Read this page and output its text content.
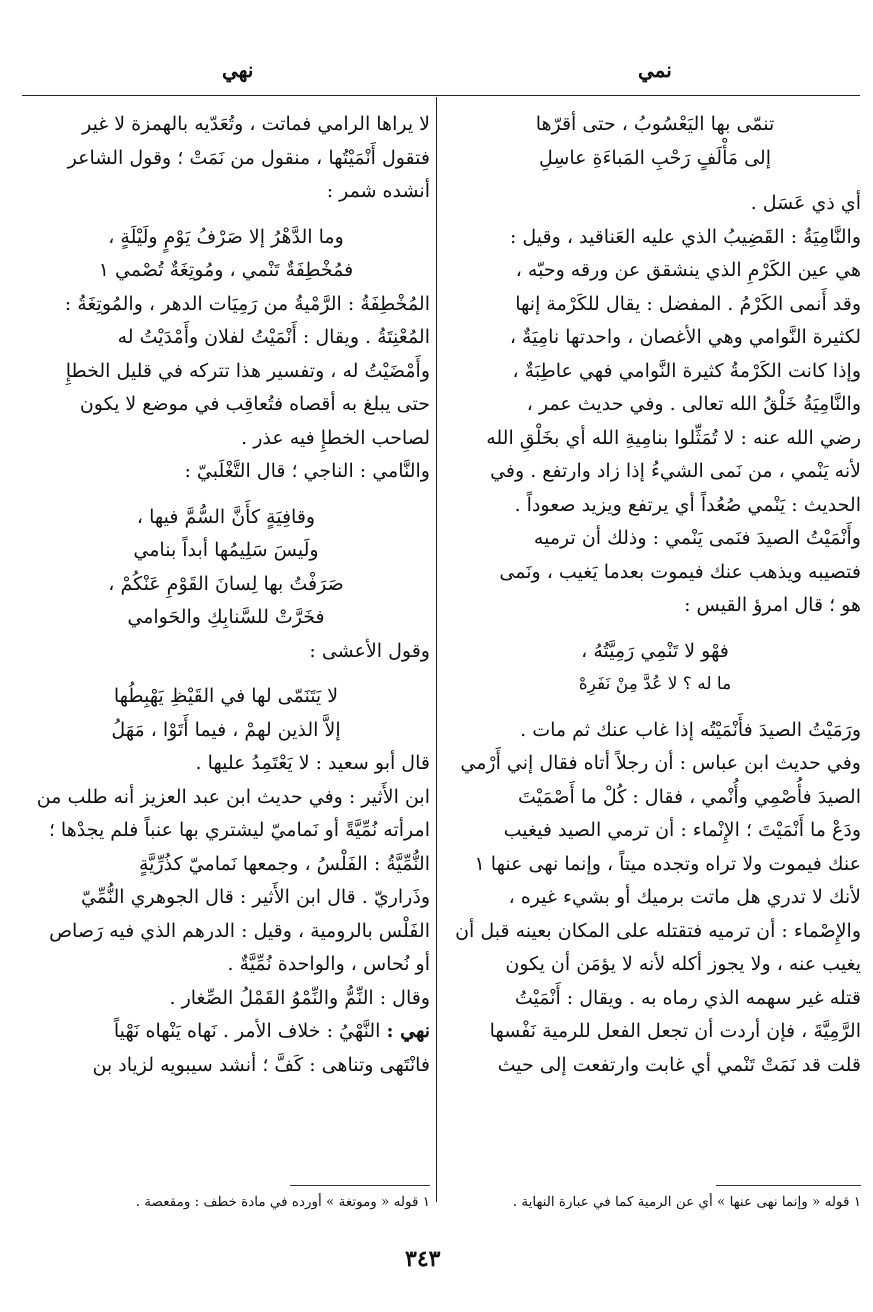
نمي
نهي

تنمّى بها اليَعْسُوبُ ، حتى أقرّها

إلى مَأْلَفٍ رَحْبِ المَباءَةِ عاسِلِ

أي ذي عَسَل .

والنَّامِيَةُ : القَضِيبُ الذي عليه العَناقيد ، وقيل :

هي عين الكَرْمِ الذي ينشقق عن ورقه وحبّه ،

وقد أَنمى الكَرْمُ . المفضل : يقال للكَرْمة إنها

لكثيرة النَّوامي وهي الأغصان ، واحدتها نامِيَةٌ ،

وإذا كانت الكَرْمةُ كثيرة النَّوامي فهي عاطِبَةٌ ،

والنَّامِيَةُ خَلْقُ الله تعالى . وفي حديث عمر ،

رضي الله عنه : لا تُمَثِّلوا بنامِيةِ الله أي بخَلْقِ الله

لأنه يَنْمي ، من نَمى الشيءُ إذا زاد وارتفع . وفي

الحديث : يَنْمي صُعُداً أي يرتفع ويزيد صعوداً .

وأَنْمَيْتُ الصيدَ فنَمى يَنْمي : وذلك أن ترميه

فتصيبه ويذهب عنك فيموت بعدما يَغيب ، ونَمى

هو ؛ قال امرؤ القيس :

فهْو لا تَنْمِي رَمِيَّتُهُ ،

ما له ؟ لا عُدَّ مِنْ نَفَرِهْ

ورَمَيْتُ الصيدَ فأَنْمَيْتُه إذا غاب عنك ثم مات .

وفي حديث ابن عباس : أن رجلاً أتاه فقال إني أَرْمي

الصيدَ فأُصْمِي وأُنْمي ، فقال : كُلْ ما أَصْمَيْتَ

ودَعْ ما أَنْمَيْتَ ؛ الإِنْماء : أن ترمي الصيد فيغيب

عنك فيموت ولا تراه وتجده ميتاً ، وإنما نهى عنها ١

لأنك لا تدري هل ماتت برميك أو بشيء غيره ،

والإِصْماء : أن ترميه فتقتله على المكان بعينه قبل أن

يغيب عنه ، ولا يجوز أكله لأنه لا يؤمَن أن يكون

قتله غير سهمه الذي رماه به . ويقال : أَنْمَيْتُ

الرَّمِيَّةَ ، فإن أردت أن تجعل الفعل للرمية نَفْسها

قلت قد نَمَتْ تَنْمي أي غابت وارتفعت إلى حيث

لا يراها الرامي فماتت ، وتُعَدّيه بالهمزة لا غير

فتقول أَنْمَيْتُها ، منقول من نَمَتْ ؛ وقول الشاعر

أنشده شمر :

وما الدَّهْرُ إلا صَرْفُ يَوْمٍ ولَيْلَةٍ ،

فمُخْطِفَةٌ تَنْمي ، ومُوتِغَةٌ تُصْمي ١

المُخْطِفَةُ : الرَّمْيةُ من رَمِيَات الدهر ، والمُوتِغَةُ :

المُعْنِتَةُ . ويقال : أَنْمَيْتُ لفلان وأَمْدَيْتُ له

وأَمْضَيْتُ له ، وتفسير هذا تتركه في قليل الخطإِ

حتى يبلغ به أقصاه فتُعاقِب في موضع لا يكون

لصاحب الخطإِ فيه عذر .

والنَّامي : الناجي ؛ قال التَّغْلَبيّ :

وقافِيَةٍ كأَنَّ السُّمَّ فيها ،

ولَيسَ سَلِيمُها أبداً بنامي

صَرَفْتُ بها لِسانَ القَوْمِ عَنْكُمْ ،

فخَرَّتْ للسَّنابِكِ والحَوامي

وقول الأعشى :

لا يَتَنَمّى لها في القَيْظِ يَهْبِطُها

إلاَّ الذين لهمْ ، فيما أَتَوْا ، مَهَلُ

قال أبو سعيد : لا يَعْتَمِدُ عليها .

ابن الأَثير : وفي حديث ابن عبد العزيز أنه طلب من

امرأته نُمِّيَّةً أو نَماميّ ليشتري بها عنباً فلم يجدْها ؛

النُّمِّيَّةُ : الفَلْسُ ، وجمعها نَماميّ كذُرِّيَّةٍ

وذَراريّ . قال ابن الأَثير : قال الجوهري النُّمِّيّ

الفَلْس بالرومية ، وقيل : الدرهم الذي فيه رَصاص

أو نُحاس ، والواحدة نُمِّيَّةٌ .

وقال : النِّمُّ والنِّمْوُ القَمْلُ الصِّغار .

نهي : النَّهْيُ : خلاف الأمر . نَهاه يَنْهاه نَهْياً

فانْتَهى وتناهى : كَفَّ ؛ أنشد سيبويه لزياد بن

١ قوله « وإنما نهى عنها » أي عن الرمية كما في عبارة النهاية .
١ قوله « وموتغة » أورده في مادة خطف : ومقعصة .
٣٤٣
